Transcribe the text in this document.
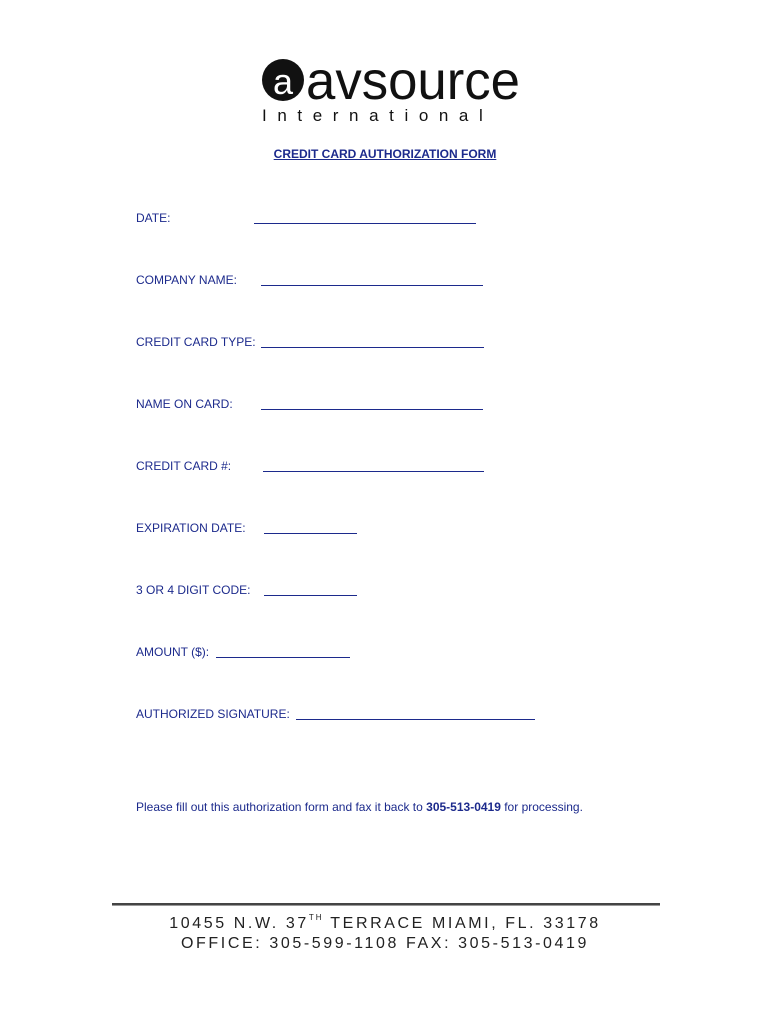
a avsource
International
CREDIT CARD AUTHORIZATION FORM
DATE:
COMPANY NAME:
CREDIT CARD TYPE:
NAME ON CARD:
CREDIT CARD #:
EXPIRATION DATE:
3 OR 4 DIGIT CODE:
AMOUNT ($):
AUTHORIZED SIGNATURE:
Please fill out this authorization form and fax it back to 305-513-0419 for processing.
10455 N.W. 37TH TERRACE MIAMI, FL. 33178
OFFICE: 305-599-1108 FAX: 305-513-0419
